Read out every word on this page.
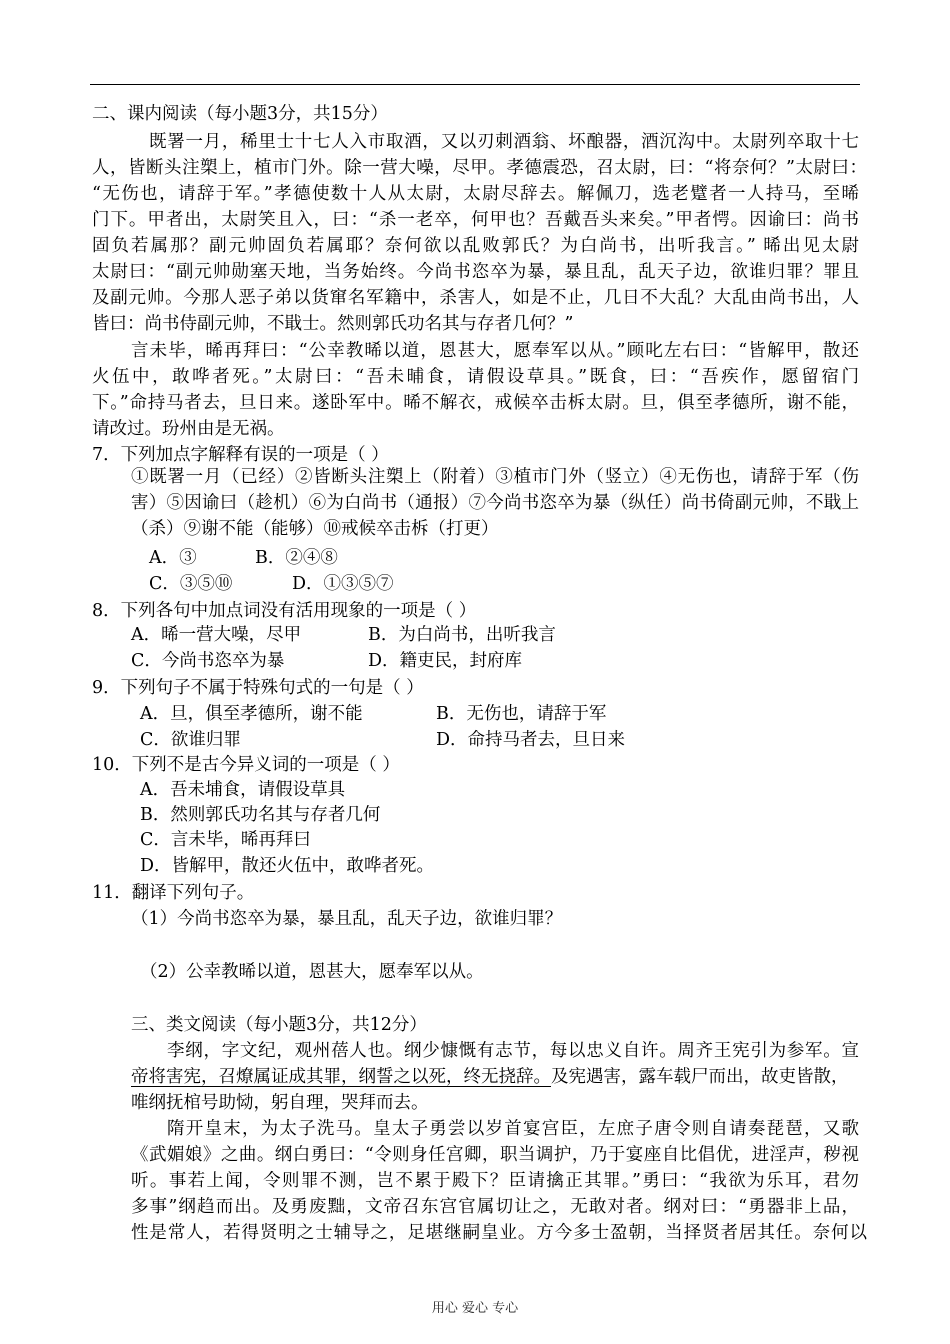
二、课内阅读（每小题3分，共15分）
既署一月，稀里士十七人入市取酒，又以刃刺酒翁、坏酿器，酒沉沟中。太尉列卒取十七
人，皆断头注槊上，植市门外。除一营大噪，尽甲。孝德震恐，召太尉，曰：“将奈何？”太尉曰：
“无伤也，请辞于军。”孝德使数十人从太尉，太尉尽辞去。解佩刀，选老躄者一人持马，至晞
门下。甲者出，太尉笑且入，曰：“杀一老卒，何甲也？吾戴吾头来矣。”甲者愕。因谕曰：尚书
固负若属那？副元帅固负若属耶？奈何欲以乱败郭氏？为白尚书，出听我言。” 晞出见太尉
太尉曰：“副元帅勋塞天地，当务始终。今尚书恣卒为暴，暴且乱，乱天子边，欲谁归罪？罪且
及副元帅。今那人恶子弟以货窜名军籍中，杀害人，如是不止，几日不大乱？大乱由尚书出，人
皆曰：尚书侍副元帅，不戢士。然则郭氏功名其与存者几何？”
言未毕，晞再拜曰：“公幸教晞以道，恩甚大，愿奉军以从。”顾叱左右曰：“皆解甲，散还
火伍中，敢哗者死。”太尉曰：“吾未晡食，请假设草具。”既食，曰：“吾疾作，愿留宿门
下。”命持马者去，旦日来。遂卧军中。晞不解衣，戒候卒击柝太尉。旦，俱至孝德所，谢不能，
请改过。玢州由是无祸。
7．下列加点字解释有误的一项是（ ）
①既署一月（已经）②皆断头注槊上（附着）③植市门外（竖立）④无伤也，请辞于军（伤
害）⑤因谕曰（趁机）⑥为白尚书（通报）⑦今尚书恣卒为暴（纵任）尚书倚副元帅，不戢上
（杀）⑨谢不能（能够）⑩戒候卒击柝（打更）
A．③	B．②④⑧
C．③⑤⑩	D．①③⑤⑦
8．下列各句中加点词没有活用现象的一项是（ ）
A．晞一营大噪，尽甲	B．为白尚书，出听我言
C．今尚书恣卒为暴	D．籍吏民，封府库
9．下列句子不属于特殊句式的一句是（ ）
A．旦，俱至孝德所，谢不能	B．无伤也，请辞于军
C．欲谁归罪	D．命持马者去，旦日来
10．下列不是古今异义词的一项是（ ）
A．吾未埔食，请假设草具
B．然则郭氏功名其与存者几何
C．言未毕，晞再拜曰
D．皆解甲，散还火伍中，敢哗者死。
11．翻译下列句子。
（1）今尚书恣卒为暴，暴且乱，乱天子边，欲谁归罪？
（2）公幸教晞以道，恩甚大，愿奉军以从。
三、类文阅读（每小题3分，共12分）
李纲，字文纪，观州蓓人也。纲少慷慨有志节，每以忠义自许。周齐王宪引为参军。宣
帝将害宪，召燎属证成其罪，纲誓之以死，终无挠辞。及宪遇害，露车载尸而出，故吏皆散，
唯纲抚棺号助恸，躬自理，哭拜而去。
隋开皇末，为太子洗马。皇太子勇尝以岁首宴宫臣，左庶子唐令则自请奏琵琶，又歌
《武媚娘》之曲。纲白勇曰：“令则身任宫卿，职当调护，乃于宴座自比倡优，进淫声，秽视
听。事若上闻，令则罪不测，岂不累于殿下？臣请擒正其罪。”勇曰：“我欲为乐耳，君勿
多事”纲趋而出。及勇废黜，文帝召东宫官属切让之，无敢对者。纲对曰：“勇器非上品，
性是常人，若得贤明之士辅导之，足堪继嗣皇业。方今多士盈朝，当择贤者居其任。奈何以
用心 爱心 专心
